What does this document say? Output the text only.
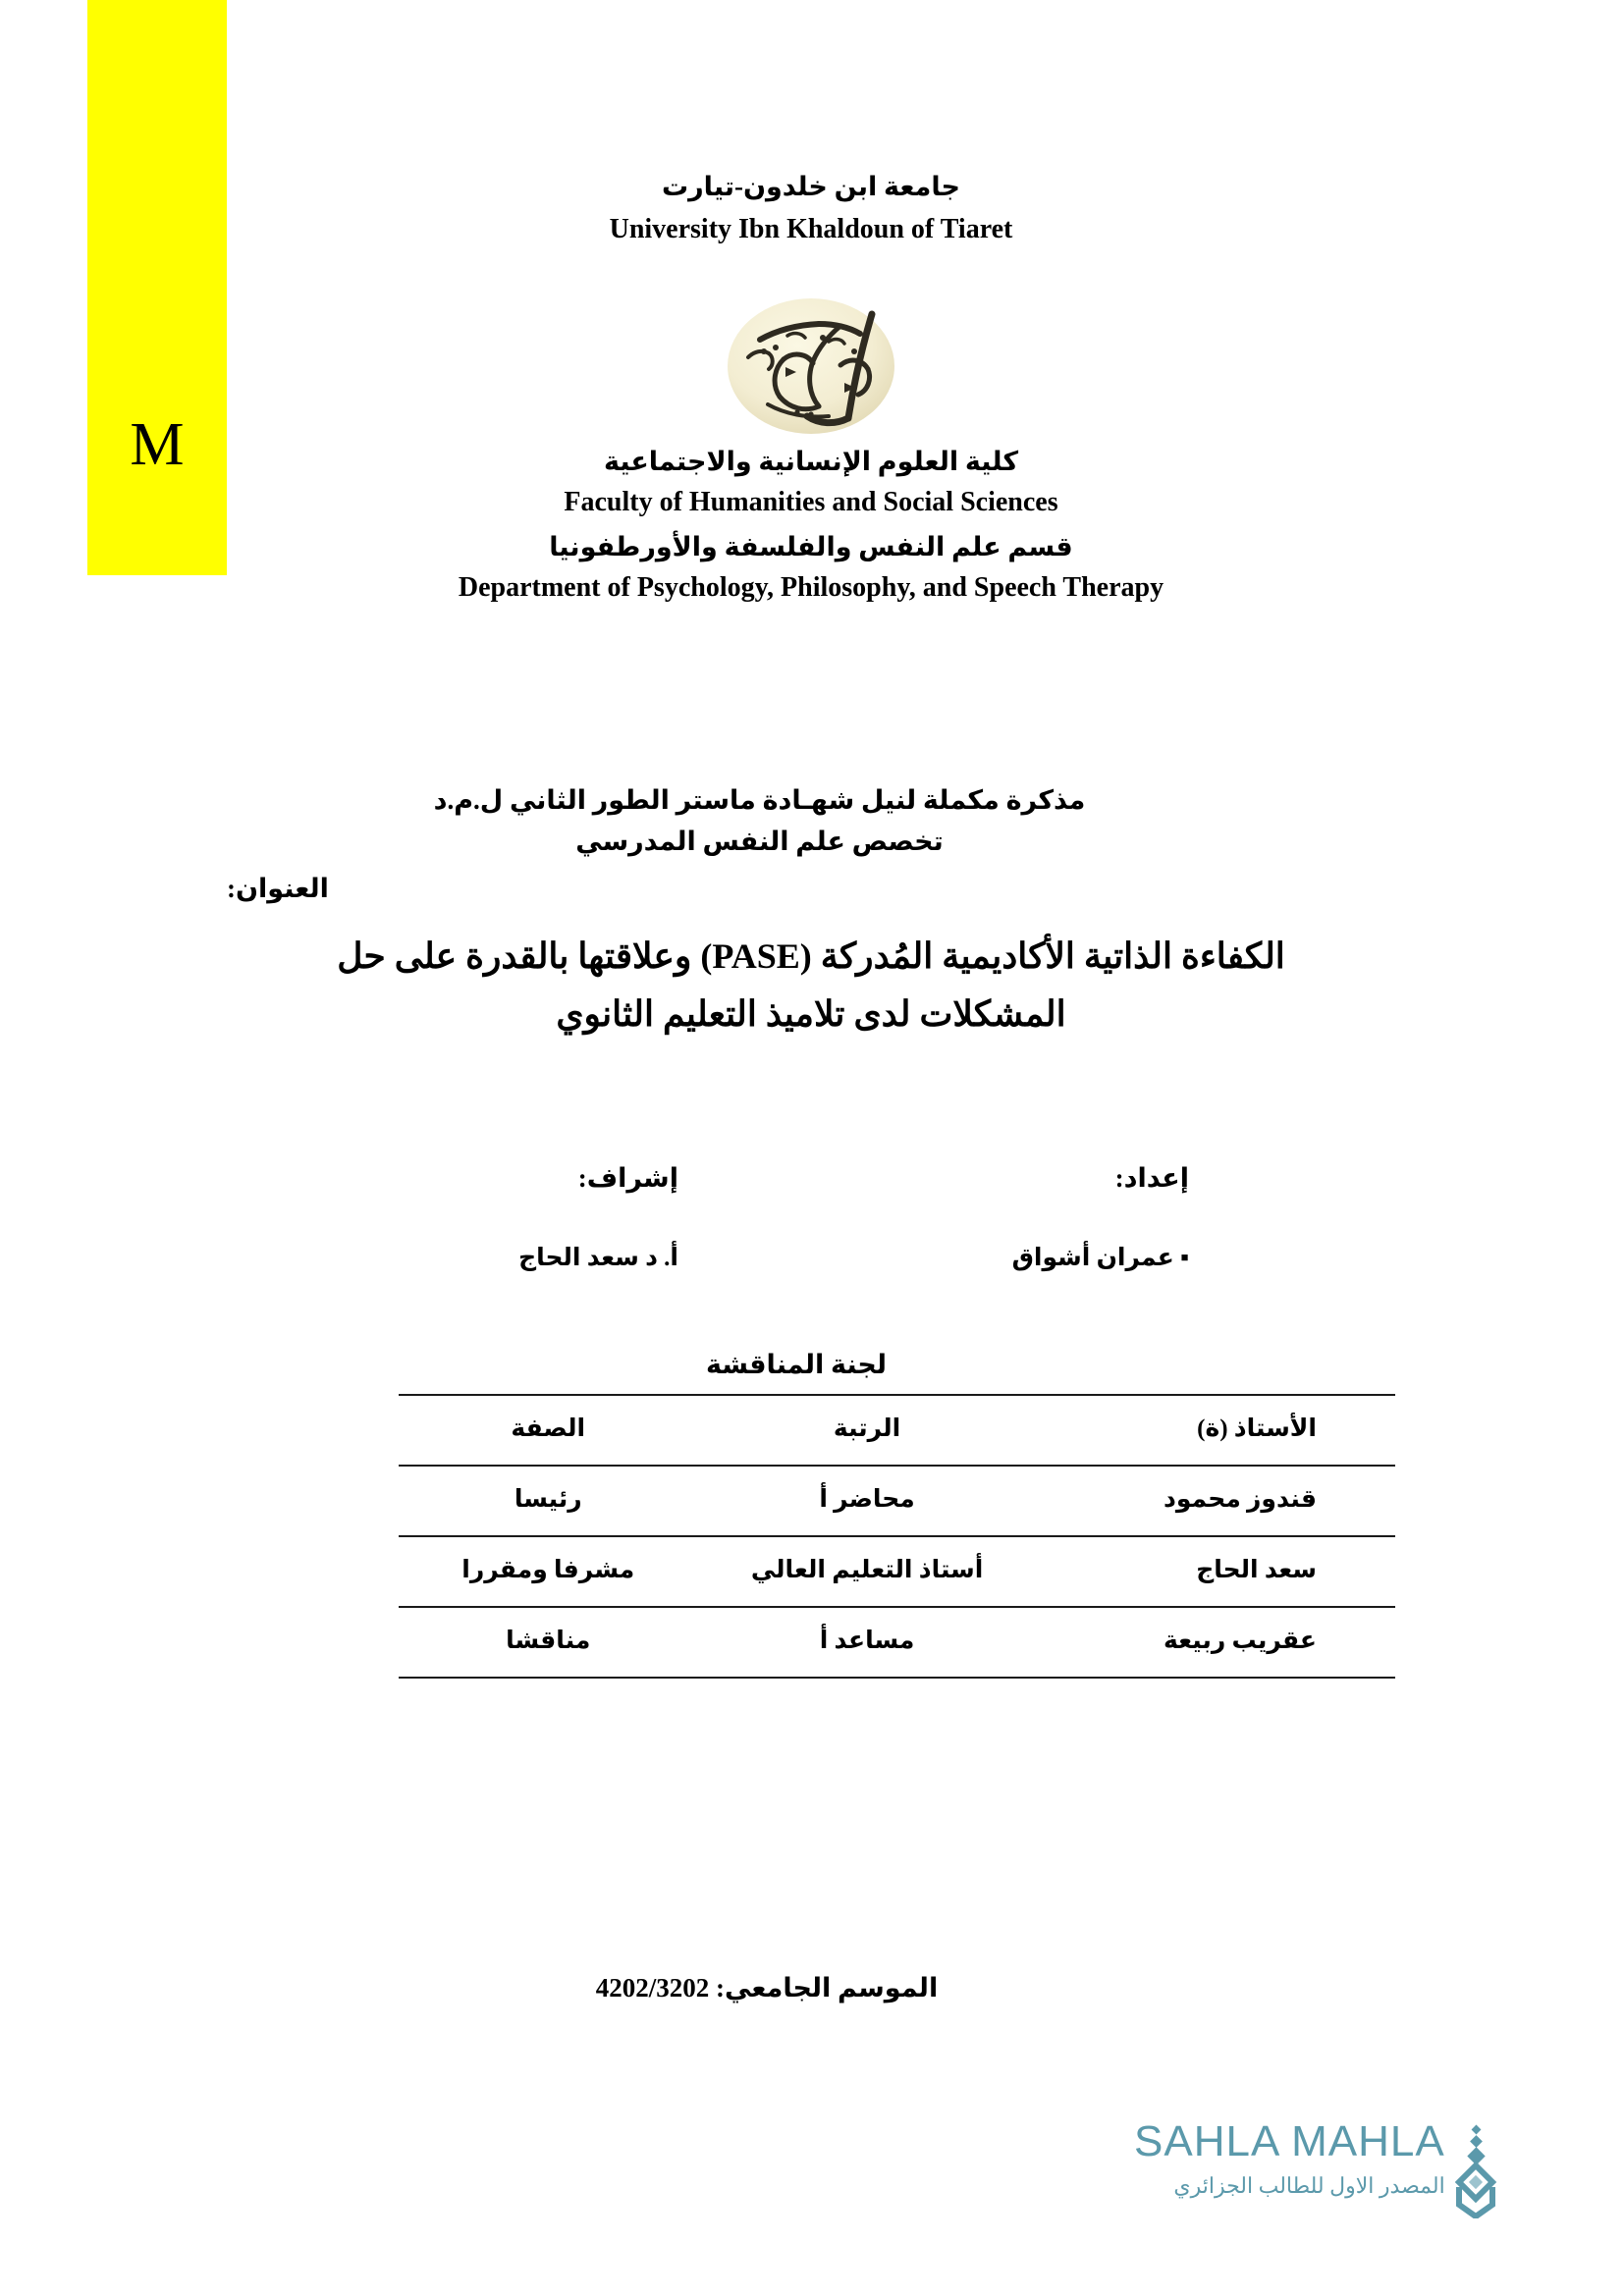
M
جامعة ابن خلدون-تيارت
University Ibn Khaldoun of Tiaret
كلية العلوم الإنسانية والاجتماعية
Faculty of Humanities and Social Sciences
قسم علم النفس والفلسفة والأورطفونيا
Department of Psychology, Philosophy, and Speech Therapy
مذكرة مكملة لنيل شهـادة ماستر الطور الثاني ل.م.د
تخصص علم النفس المدرسي
العنوان:
الكفاءة الذاتية الأكاديمية المُدركة (PASE) وعلاقتها بالقدرة على حل
المشكلات لدى تلاميذ التعليم الثانوي
إعداد:
إشراف:
▪ عمران أشواق
أ. د سعد الحاج
لجنة المناقشة
الأستاذ (ة)	الرتبة	الصفة
قندوز محمود	محاضر أ	رئيسا
سعد الحاج	أستاذ التعليم العالي	مشرفا ومقررا
عقريب ربيعة	مساعد أ	مناقشا
الموسم الجامعي: 2023/2024
SAHLA MAHLA
المصدر الاول للطالب الجزائري
